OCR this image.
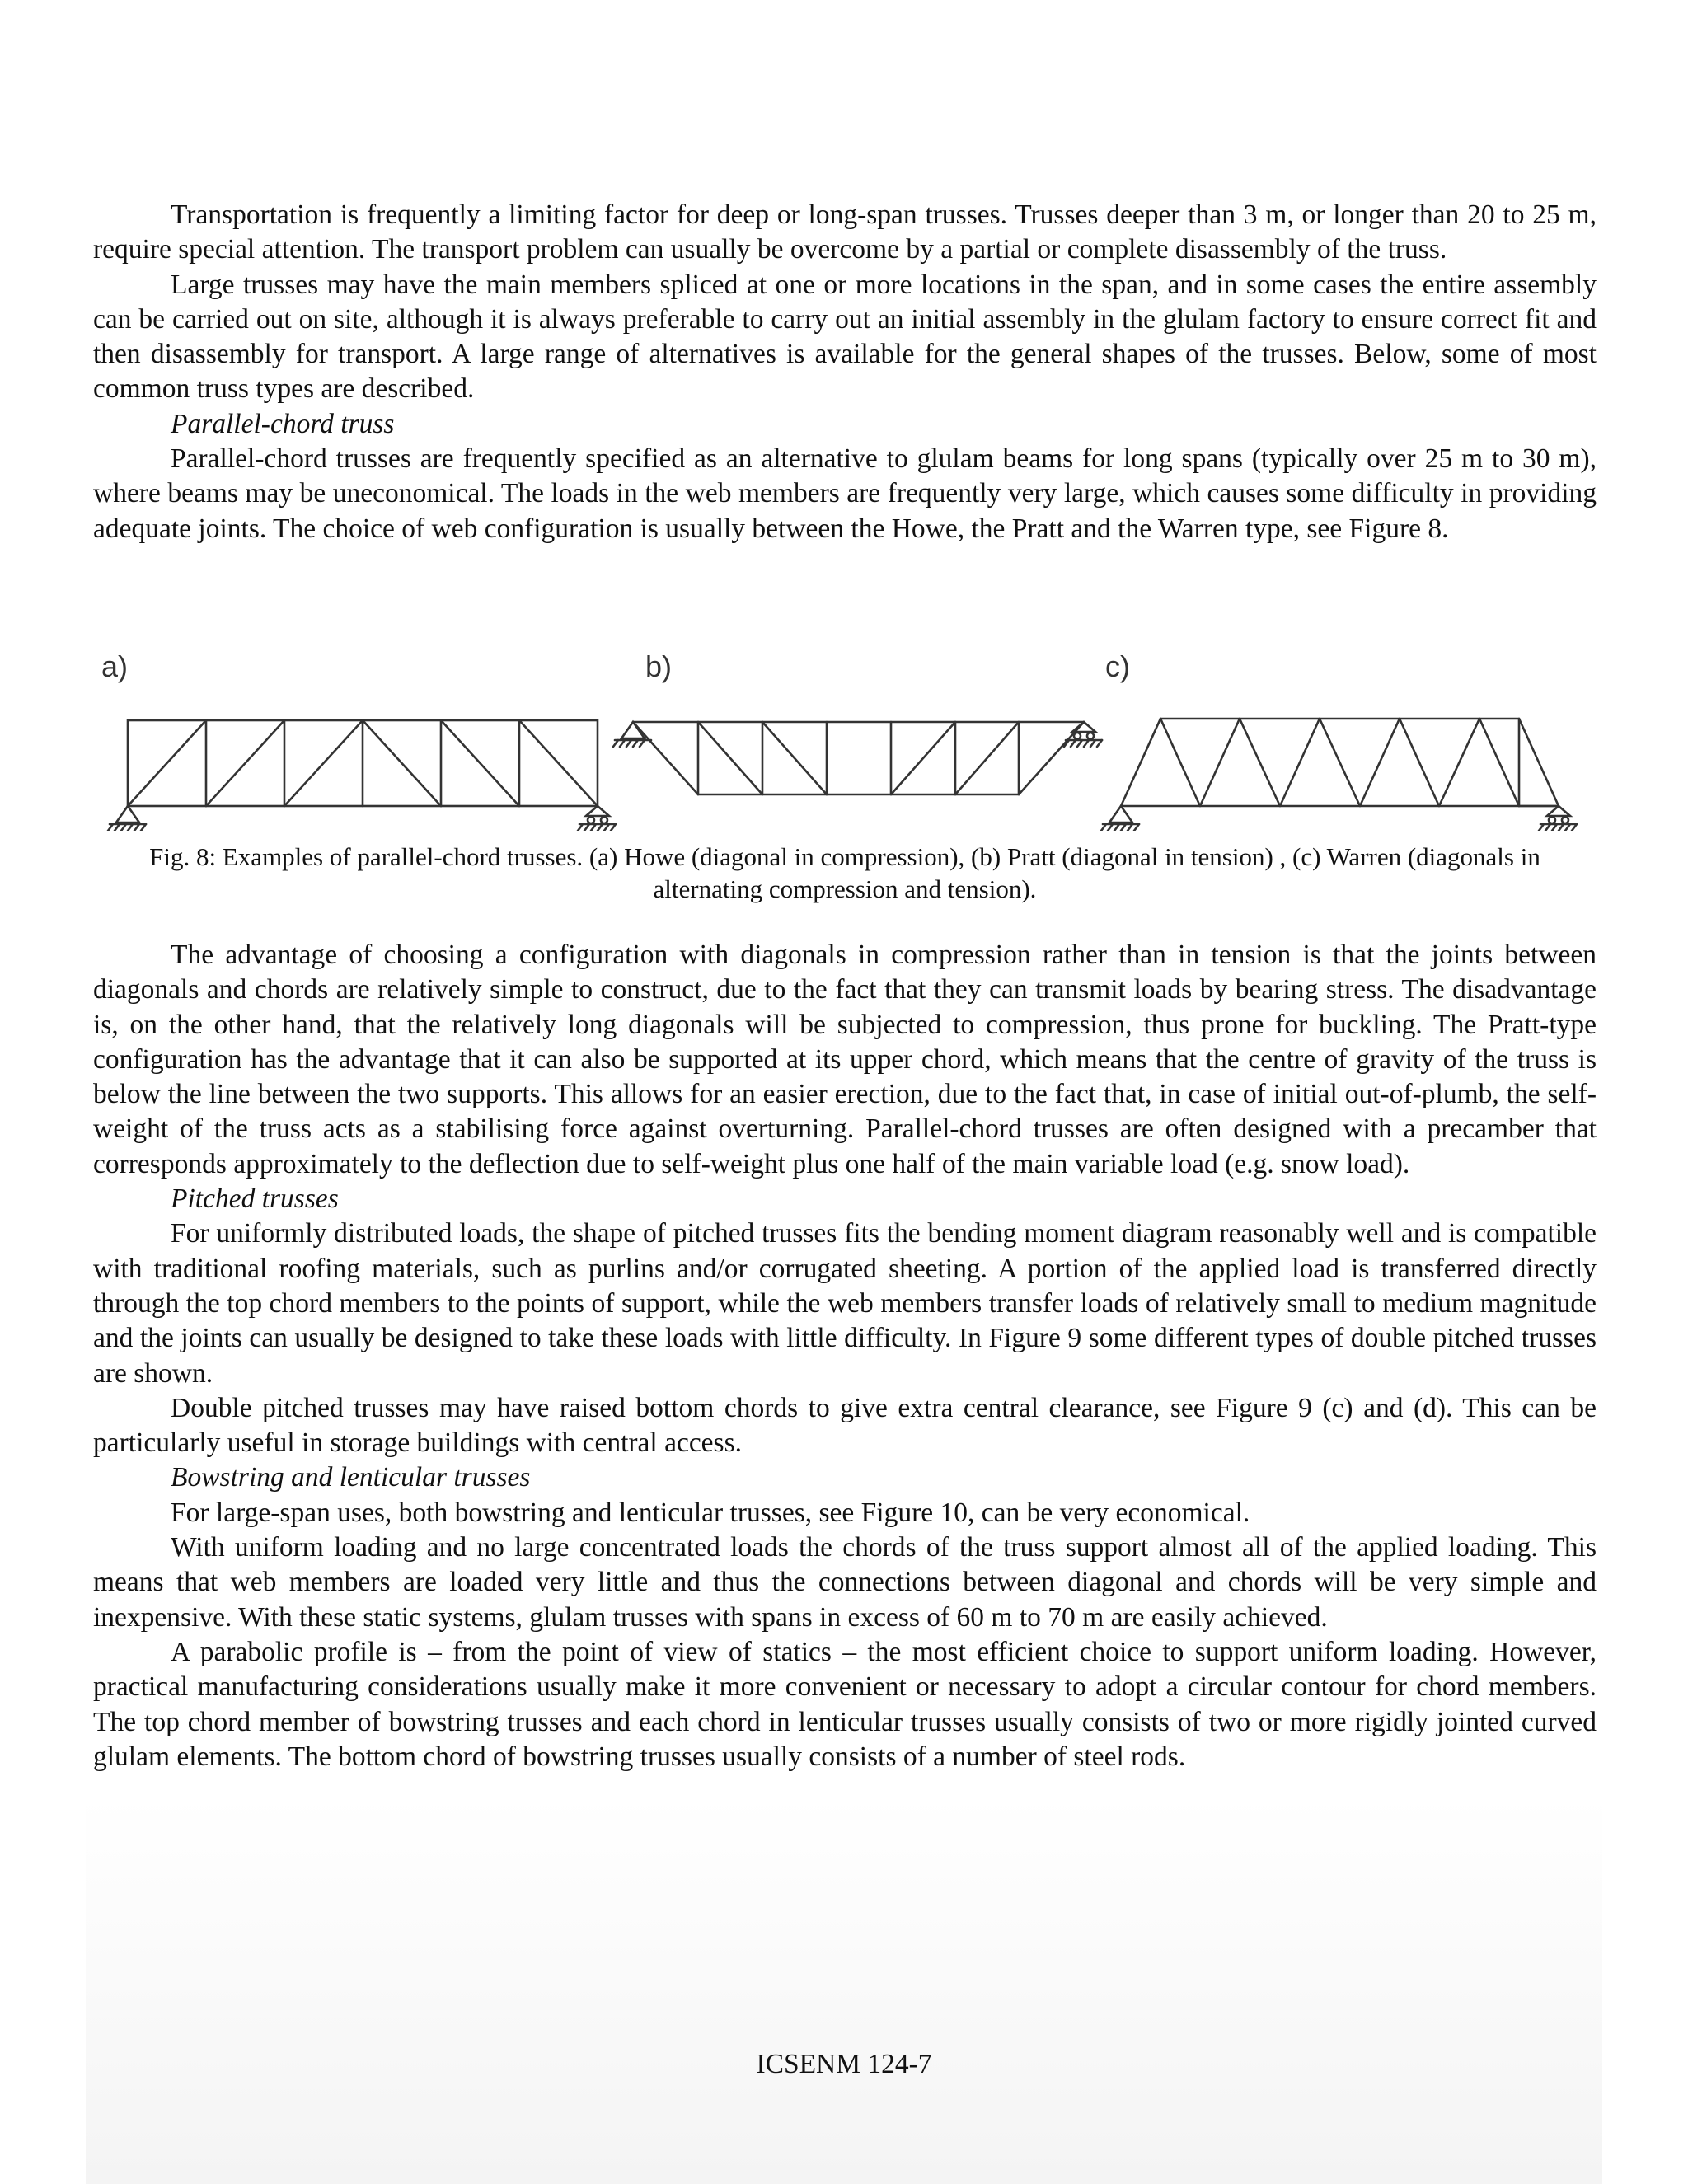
Transportation is frequently a limiting factor for deep or long-span trusses. Trusses deeper than 3 m, or longer than 20 to 25 m, require special attention. The transport problem can usually be overcome by a partial or complete disassembly of the truss.

Large trusses may have the main members spliced at one or more locations in the span, and in some cases the entire assembly can be carried out on site, although it is always preferable to carry out an initial assembly in the glulam factory to ensure correct fit and then disassembly for transport. A large range of alternatives is available for the general shapes of the trusses. Below, some of most common truss types are described.

Parallel-chord truss

Parallel-chord trusses are frequently specified as an alternative to glulam beams for long spans (typically over 25 m to 30 m), where beams may be uneconomical. The loads in the web members are frequently very large, which causes some difficulty in providing adequate joints. The choice of web configuration is usually between the Howe, the Pratt and the Warren type, see Figure 8.

a)	b)	c)
Fig. 8: Examples of parallel-chord trusses. (a) Howe (diagonal in compression), (b) Pratt (diagonal in tension) , (c) Warren (diagonals in alternating compression and tension).

The advantage of choosing a configuration with diagonals in compression rather than in tension is that the joints between diagonals and chords are relatively simple to construct, due to the fact that they can transmit loads by bearing stress. The disadvantage is, on the other hand, that the relatively long diagonals will be subjected to compression, thus prone for buckling. The Pratt-type configuration has the advantage that it can also be supported at its upper chord, which means that the centre of gravity of the truss is below the line between the two supports. This allows for an easier erection, due to the fact that, in case of initial out-of-plumb, the self-weight of the truss acts as a stabilising force against overturning. Parallel-chord trusses are often designed with a precamber that corresponds approximately to the deflection due to self-weight plus one half of the main variable load (e.g. snow load).

Pitched trusses

For uniformly distributed loads, the shape of pitched trusses fits the bending moment diagram reasonably well and is compatible with traditional roofing materials, such as purlins and/or corrugated sheeting. A portion of the applied load is transferred directly through the top chord members to the points of support, while the web members transfer loads of relatively small to medium magnitude and the joints can usually be designed to take these loads with little difficulty. In Figure 9 some different types of double pitched trusses are shown.

Double pitched trusses may have raised bottom chords to give extra central clearance, see Figure 9 (c) and (d). This can be particularly useful in storage buildings with central access.

Bowstring and lenticular trusses

For large-span uses, both bowstring and lenticular trusses, see Figure 10, can be very economical.

With uniform loading and no large concentrated loads the chords of the truss support almost all of the applied loading. This means that web members are loaded very little and thus the connections between diagonal and chords will be very simple and inexpensive. With these static systems, glulam trusses with spans in excess of 60 m to 70 m are easily achieved.

A parabolic profile is – from the point of view of statics – the most efficient choice to support uniform loading. However, practical manufacturing considerations usually make it more convenient or necessary to adopt a circular contour for chord members. The top chord member of bowstring trusses and each chord in lenticular trusses usually consists of two or more rigidly jointed curved glulam elements. The bottom chord of bowstring trusses usually consists of a number of steel rods.

ICSENM 124-7
